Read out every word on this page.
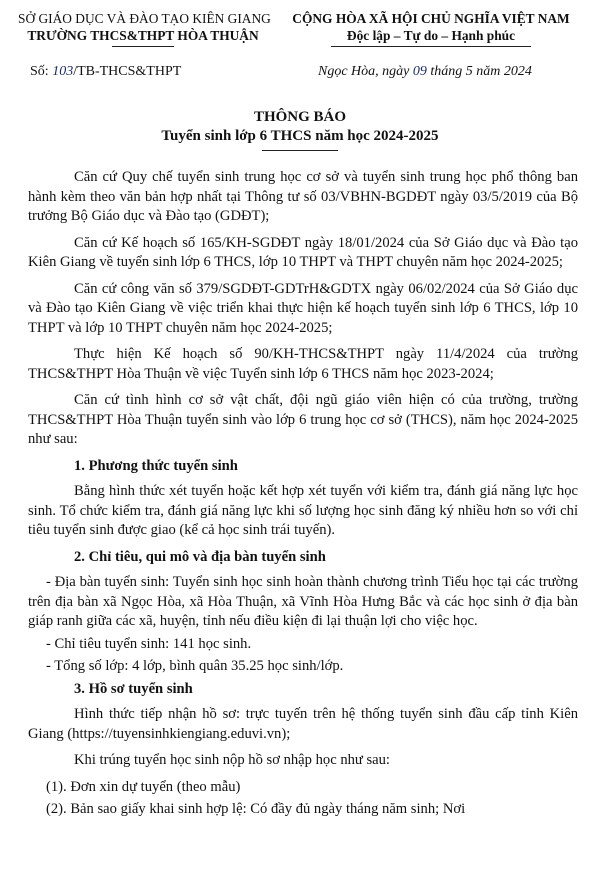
SỞ GIÁO DỤC VÀ ĐÀO TẠO KIÊN GIANG
TRƯỜNG THCS&THPT HÒA THUẬN
CỘNG HÒA XÃ HỘI CHỦ NGHĨA VIỆT NAM
Độc lập – Tự do – Hạnh phúc
Số: 103/TB-THCS&THPT	Ngọc Hòa, ngày 09 tháng 5 năm 2024
THÔNG BÁO
Tuyển sinh lớp 6 THCS năm học 2024-2025

Căn cứ Quy chế tuyển sinh trung học cơ sở và tuyển sinh trung học phổ thông ban hành kèm theo văn bản hợp nhất tại Thông tư số 03/VBHN-BGDĐT ngày 03/5/2019 của Bộ trưởng Bộ Giáo dục và Đào tạo (GDĐT);

Căn cứ Kế hoạch số 165/KH-SGDĐT ngày 18/01/2024 của Sở Giáo dục và Đào tạo Kiên Giang về tuyển sinh lớp 6 THCS, lớp 10 THPT và THPT chuyên năm học 2024-2025;

Căn cứ công văn số 379/SGDĐT-GDTrH&GDTX ngày 06/02/2024 của Sở Giáo dục và Đào tạo Kiên Giang về việc triển khai thực hiện kế hoạch tuyển sinh lớp 6 THCS, lớp 10 THPT và lớp 10 THPT chuyên năm học 2024-2025;

Thực hiện Kế hoạch số 90/KH-THCS&THPT ngày 11/4/2024 của trường THCS&THPT Hòa Thuận về việc Tuyển sinh lớp 6 THCS năm học 2023-2024;

Căn cứ tình hình cơ sở vật chất, đội ngũ giáo viên hiện có của trường, trường THCS&THPT Hòa Thuận tuyển sinh vào lớp 6 trung học cơ sở (THCS), năm học 2024-2025 như sau:

1. Phương thức tuyển sinh

Bằng hình thức xét tuyển hoặc kết hợp xét tuyển với kiểm tra, đánh giá năng lực học sinh. Tổ chức kiểm tra, đánh giá năng lực khi số lượng học sinh đăng ký nhiều hơn so với chỉ tiêu tuyển sinh được giao (kể cả học sinh trái tuyến).

2. Chỉ tiêu, qui mô và địa bàn tuyển sinh

- Địa bàn tuyển sinh: Tuyển sinh học sinh hoàn thành chương trình Tiểu học tại các trường trên địa bàn xã Ngọc Hòa, xã Hòa Thuận, xã Vĩnh Hòa Hưng Bắc và các học sinh ở địa bàn giáp ranh giữa các xã, huyện, tỉnh nếu điều kiện đi lại thuận lợi cho việc học.

- Chỉ tiêu tuyển sinh: 141 học sinh.

- Tổng số lớp: 4 lớp, bình quân 35.25 học sinh/lớp.

3. Hồ sơ tuyển sinh

Hình thức tiếp nhận hồ sơ: trực tuyến trên hệ thống tuyển sinh đầu cấp tỉnh Kiên Giang (https://tuyensinhkiengiang.eduvi.vn);

Khi trúng tuyển học sinh nộp hồ sơ nhập học như sau:

(1). Đơn xin dự tuyển (theo mẫu)

(2). Bản sao giấy khai sinh hợp lệ: Có đầy đủ ngày tháng năm sinh; Nơi
